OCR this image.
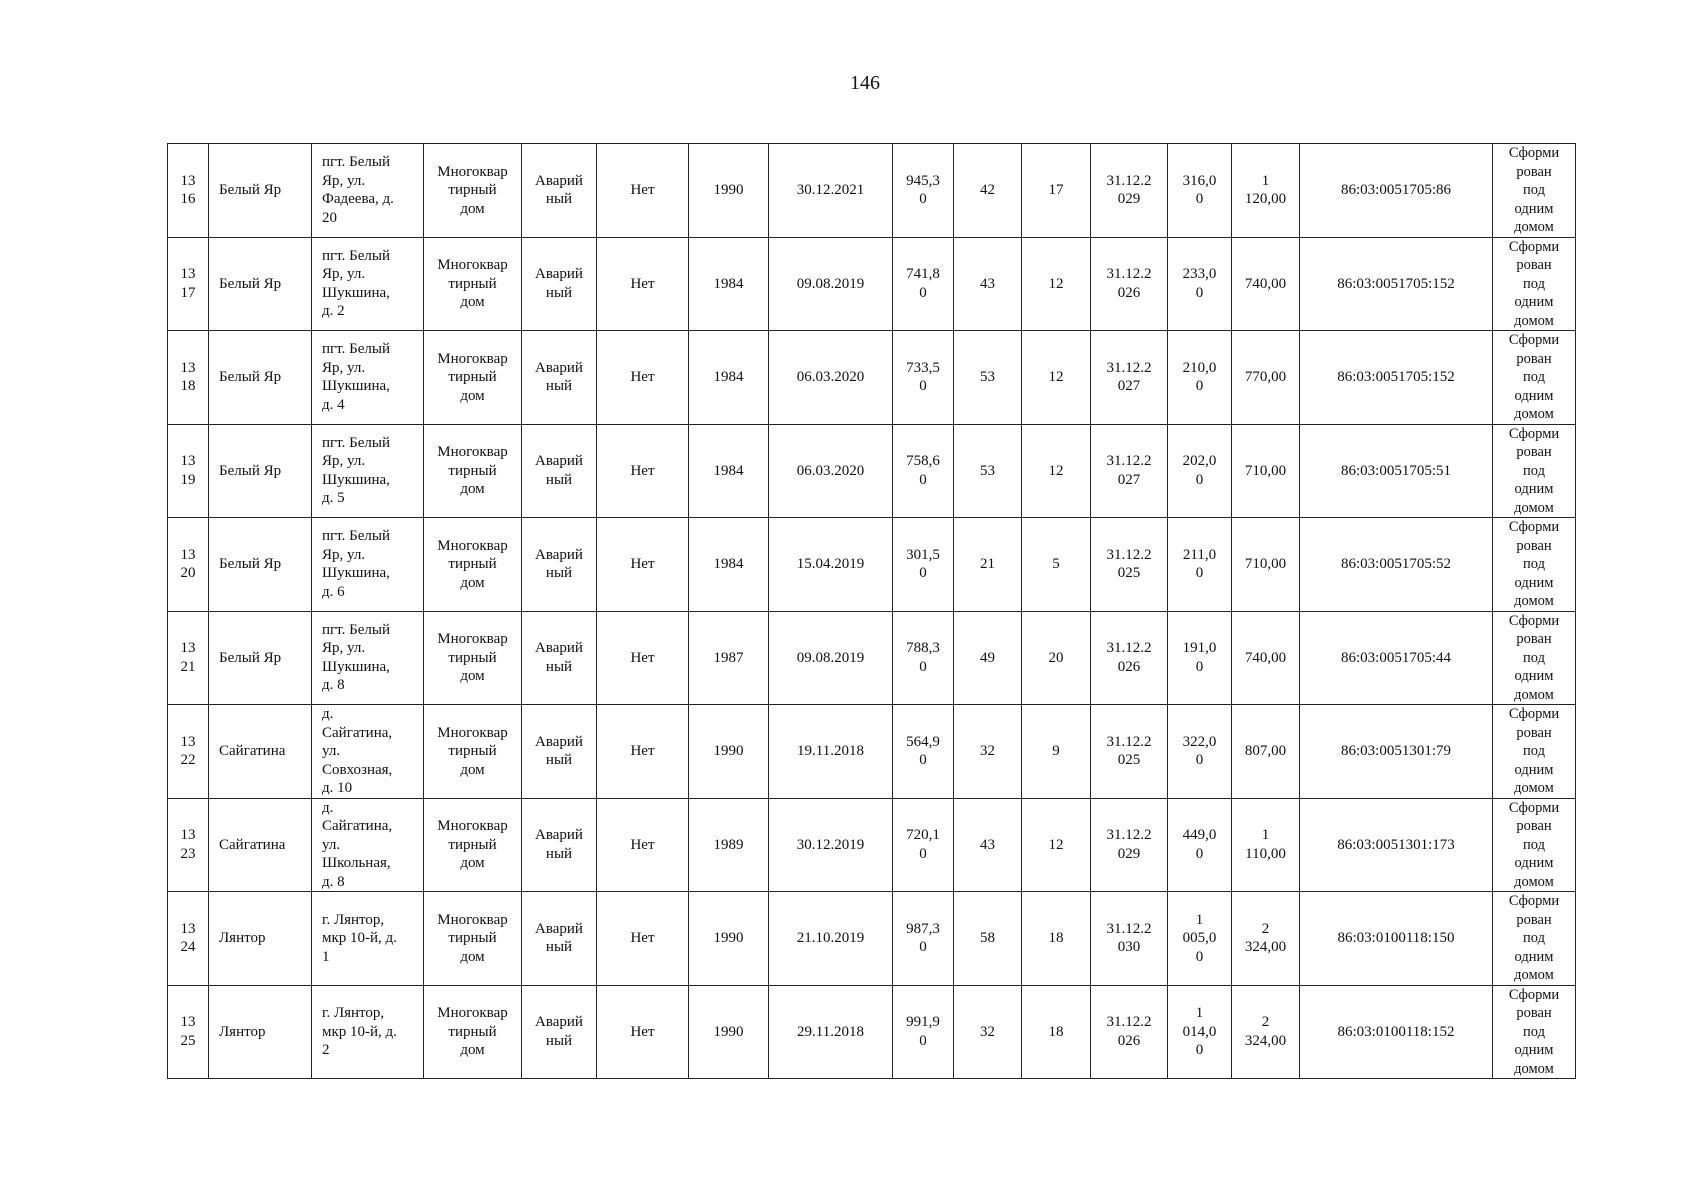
146
13
16	Белый Яр	пгт. Белый
Яр, ул.
Фадеева, д.
20	Многоквар
тирный
дом	Аварий
ный	Нет	1990	30.12.2021	945,3
0	42	17	31.12.2
029	316,0
0	1
120,00	86:03:0051705:86	Сформи
рован
под
одним
домом

13
17	Белый Яр	пгт. Белый
Яр, ул.
Шукшина,
д. 2	Многоквар
тирный
дом	Аварий
ный	Нет	1984	09.08.2019	741,8
0	43	12	31.12.2
026	233,0
0	740,00	86:03:0051705:152	Сформи
рован
под
одним
домом

13
18	Белый Яр	пгт. Белый
Яр, ул.
Шукшина,
д. 4	Многоквар
тирный
дом	Аварий
ный	Нет	1984	06.03.2020	733,5
0	53	12	31.12.2
027	210,0
0	770,00	86:03:0051705:152	Сформи
рован
под
одним
домом

13
19	Белый Яр	пгт. Белый
Яр, ул.
Шукшина,
д. 5	Многоквар
тирный
дом	Аварий
ный	Нет	1984	06.03.2020	758,6
0	53	12	31.12.2
027	202,0
0	710,00	86:03:0051705:51	Сформи
рован
под
одним
домом

13
20	Белый Яр	пгт. Белый
Яр, ул.
Шукшина,
д. 6	Многоквар
тирный
дом	Аварий
ный	Нет	1984	15.04.2019	301,5
0	21	5	31.12.2
025	211,0
0	710,00	86:03:0051705:52	Сформи
рован
под
одним
домом

13
21	Белый Яр	пгт. Белый
Яр, ул.
Шукшина,
д. 8	Многоквар
тирный
дом	Аварий
ный	Нет	1987	09.08.2019	788,3
0	49	20	31.12.2
026	191,0
0	740,00	86:03:0051705:44	Сформи
рован
под
одним
домом

13
22	Сайгатина	д.
Сайгатина,
ул.
Совхозная,
д. 10	Многоквар
тирный
дом	Аварий
ный	Нет	1990	19.11.2018	564,9
0	32	9	31.12.2
025	322,0
0	807,00	86:03:0051301:79	Сформи
рован
под
одним
домом

13
23	Сайгатина	д.
Сайгатина,
ул.
Школьная,
д. 8	Многоквар
тирный
дом	Аварий
ный	Нет	1989	30.12.2019	720,1
0	43	12	31.12.2
029	449,0
0	1
110,00	86:03:0051301:173	Сформи
рован
под
одним
домом

13
24	Лянтор	г. Лянтор,
мкр 10-й, д.
1	Многоквар
тирный
дом	Аварий
ный	Нет	1990	21.10.2019	987,3
0	58	18	31.12.2
030	1
005,0
0	2
324,00	86:03:0100118:150	Сформи
рован
под
одним
домом

13
25	Лянтор	г. Лянтор,
мкр 10-й, д.
2	Многоквар
тирный
дом	Аварий
ный	Нет	1990	29.11.2018	991,9
0	32	18	31.12.2
026	1
014,0
0	2
324,00	86:03:0100118:152	Сформи
рован
под
одним
домом
